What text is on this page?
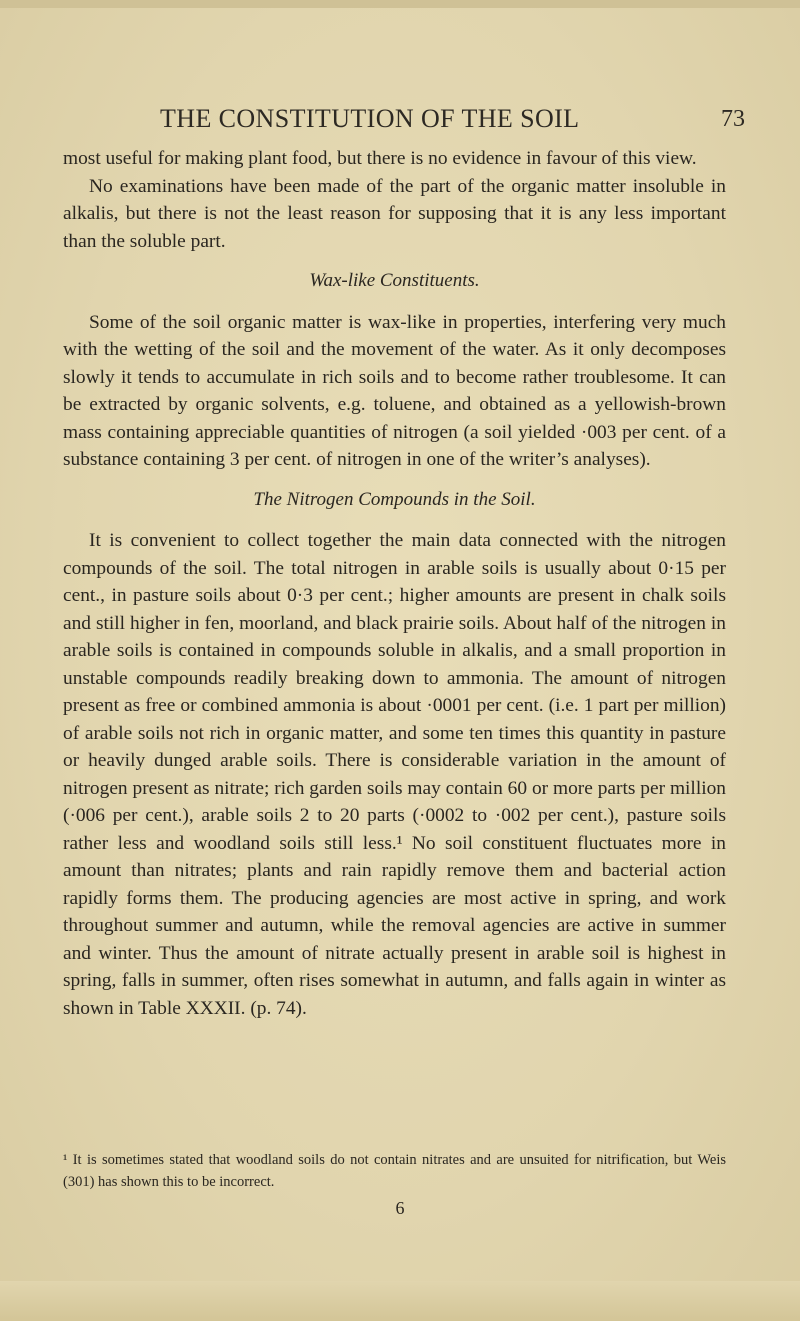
THE CONSTITUTION OF THE SOIL	73

most useful for making plant food, but there is no evidence in favour of this view.

No examinations have been made of the part of the organic matter insoluble in alkalis, but there is not the least reason for supposing that it is any less important than the soluble part.

Wax-like Constituents.

Some of the soil organic matter is wax-like in properties, interfering very much with the wetting of the soil and the movement of the water. As it only decomposes slowly it tends to accumulate in rich soils and to become rather troublesome. It can be extracted by organic solvents, e.g. toluene, and obtained as a yellowish-brown mass containing appreciable quantities of nitrogen (a soil yielded ·003 per cent. of a substance containing 3 per cent. of nitrogen in one of the writer’s analyses).

The Nitrogen Compounds in the Soil.

It is convenient to collect together the main data connected with the nitrogen compounds of the soil. The total nitrogen in arable soils is usually about 0·15 per cent., in pasture soils about 0·3 per cent.; higher amounts are present in chalk soils and still higher in fen, moorland, and black prairie soils. About half of the nitrogen in arable soils is contained in compounds soluble in alkalis, and a small proportion in unstable compounds readily breaking down to ammonia. The amount of nitrogen present as free or combined ammonia is about ·0001 per cent. (i.e. 1 part per million) of arable soils not rich in organic matter, and some ten times this quantity in pasture or heavily dunged arable soils. There is considerable variation in the amount of nitrogen present as nitrate; rich garden soils may contain 60 or more parts per million (·006 per cent.), arable soils 2 to 20 parts (·0002 to ·002 per cent.), pasture soils rather less and woodland soils still less.¹ No soil constituent fluctuates more in amount than nitrates; plants and rain rapidly remove them and bacterial action rapidly forms them. The producing agencies are most active in spring, and work throughout summer and autumn, while the removal agencies are active in summer and winter. Thus the amount of nitrate actually present in arable soil is highest in spring, falls in summer, often rises somewhat in autumn, and falls again in winter as shown in Table XXXII. (p. 74).

¹ It is sometimes stated that woodland soils do not contain nitrates and are unsuited for nitrification, but Weis (301) has shown this to be incorrect.
6
